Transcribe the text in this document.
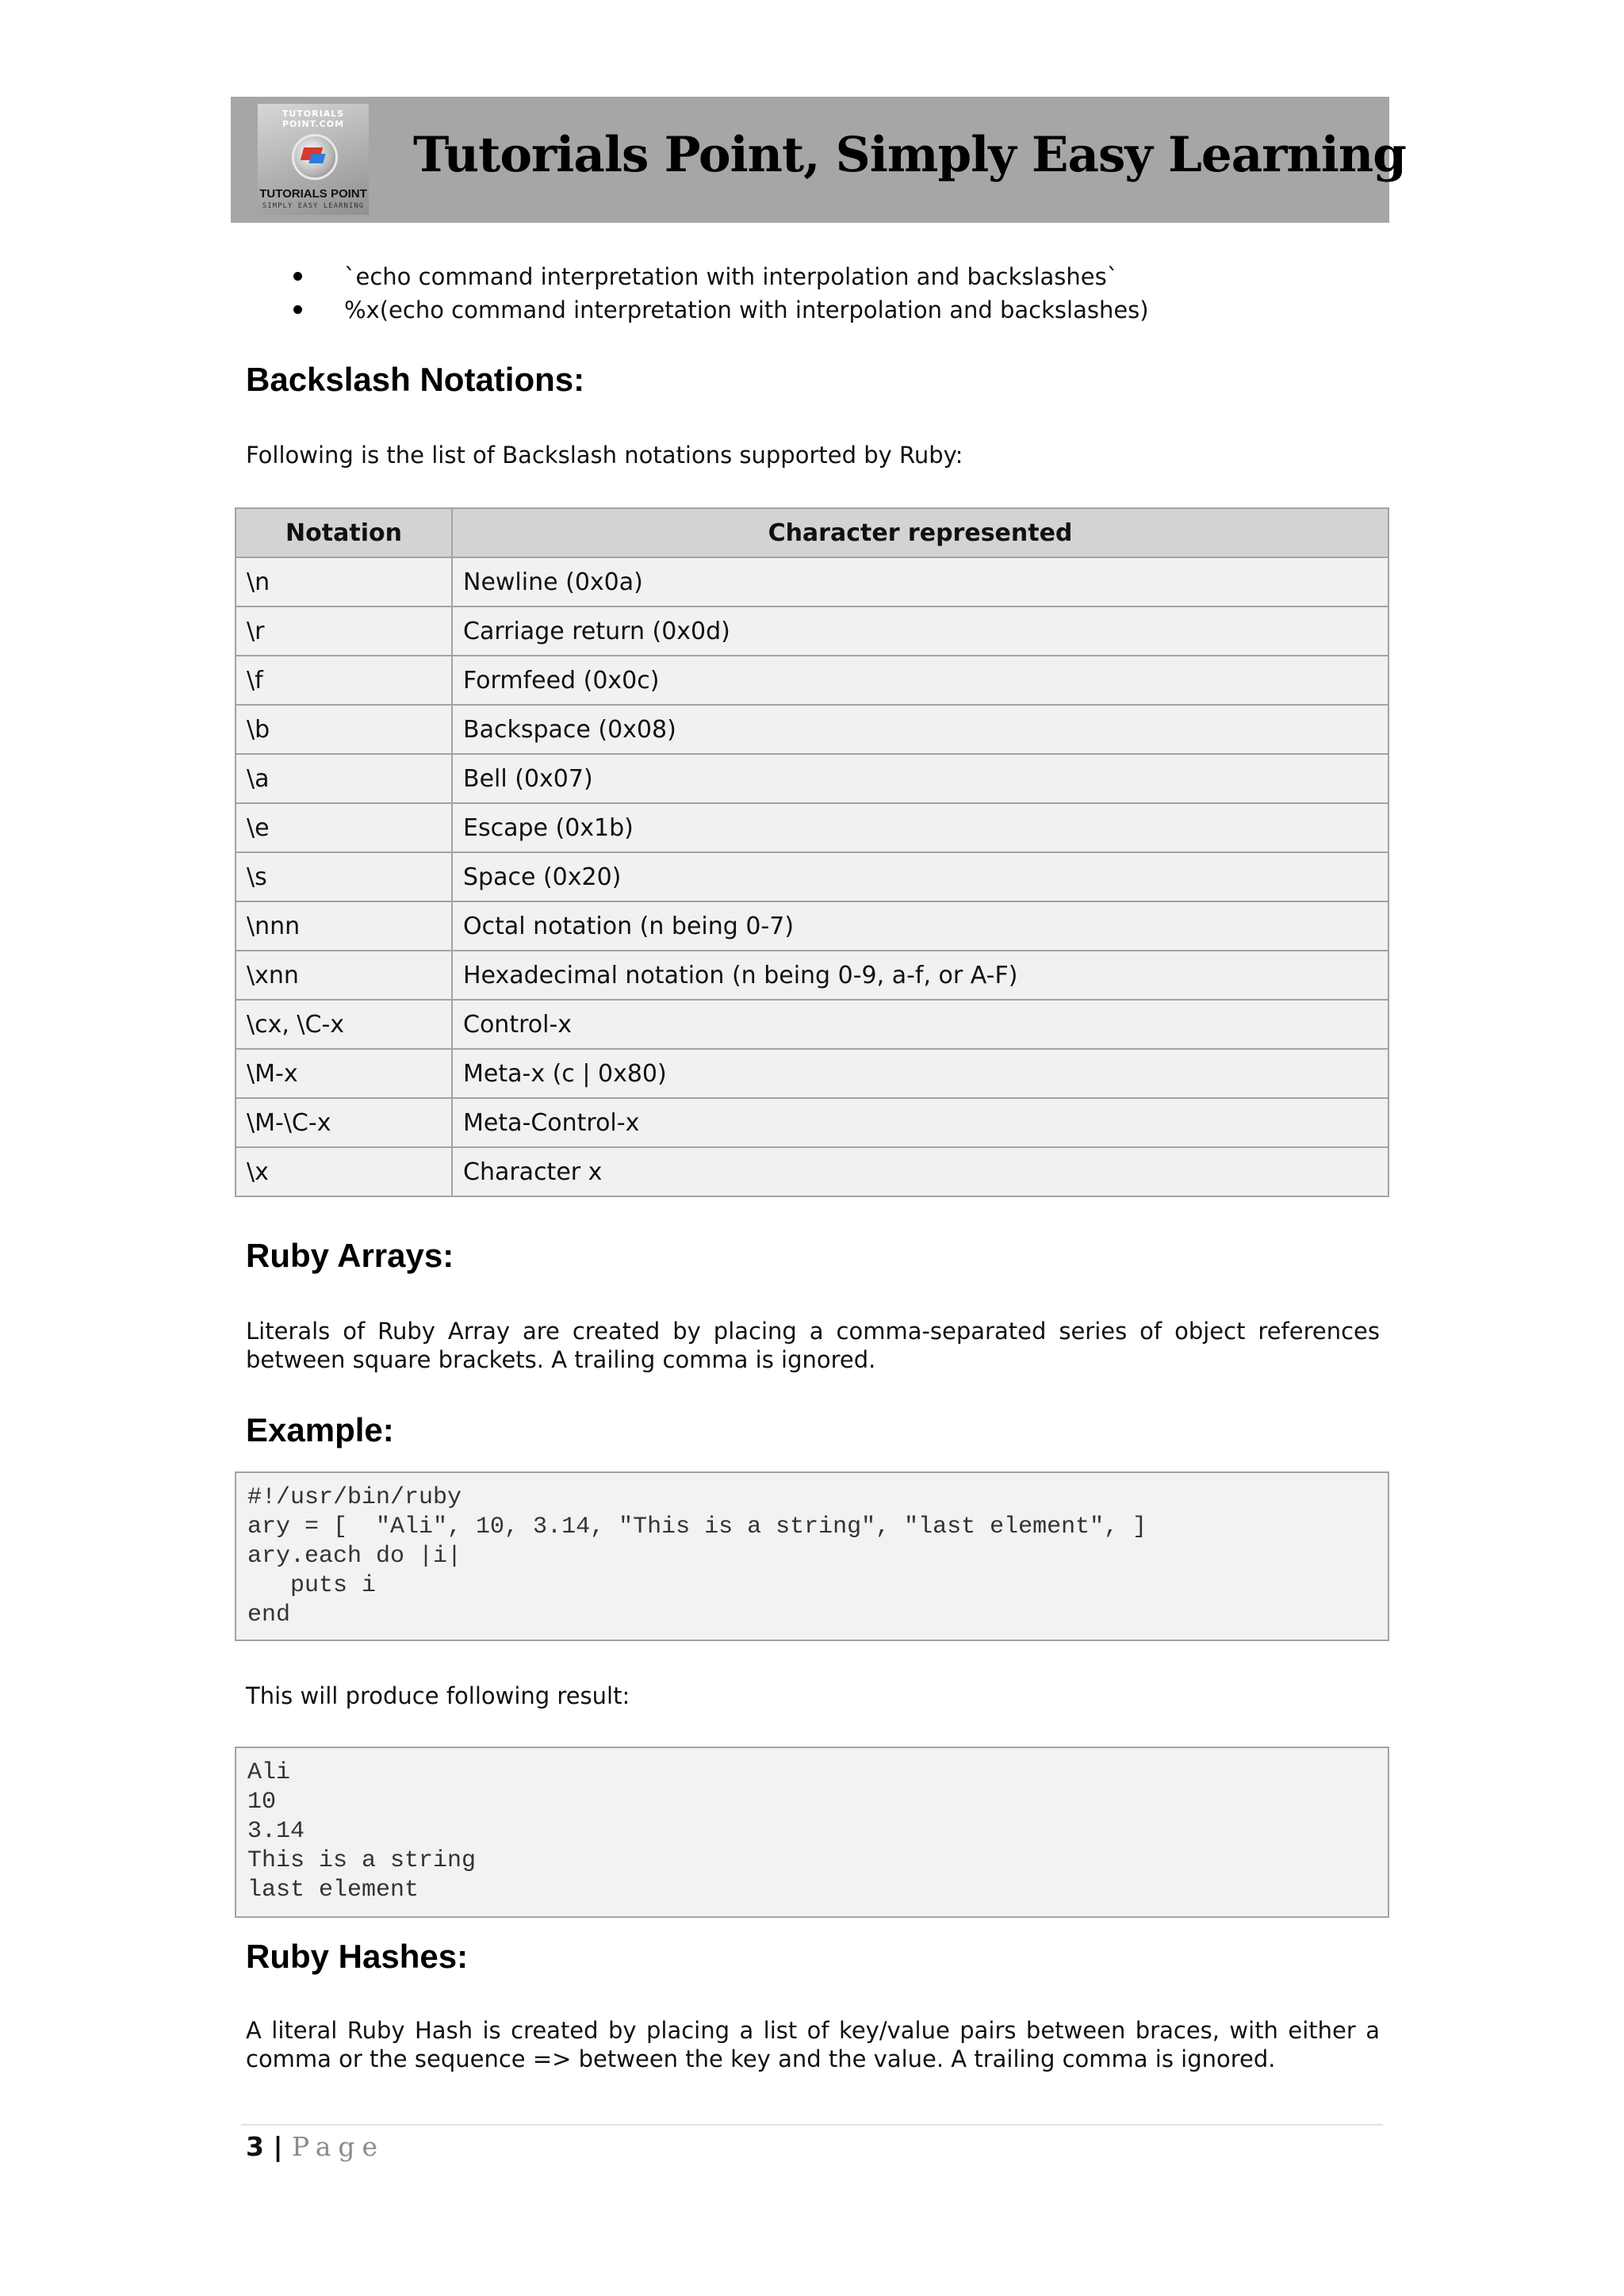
TUTORIALS POINT.COM
TUTORIALS POINT
SIMPLY EASY LEARNING
Tutorials Point, Simply Easy Learning
`echo command interpretation with interpolation and backslashes`
%x(echo command interpretation with interpolation and backslashes)
Backslash Notations:

Following is the list of Backslash notations supported by Ruby:

Notation	Character represented
\n	Newline (0x0a)
\r	Carriage return (0x0d)
\f	Formfeed (0x0c)
\b	Backspace (0x08)
\a	Bell (0x07)
\e	Escape (0x1b)
\s	Space (0x20)
\nnn	Octal notation (n being 0-7)
\xnn	Hexadecimal notation (n being 0-9, a-f, or A-F)
\cx, \C-x	Control-x
\M-x	Meta-x (c | 0x80)
\M-\C-x	Meta-Control-x
\x	Character x
Ruby Arrays:

Literals of Ruby Array are created by placing a comma-separated series of object references between square brackets. A trailing comma is ignored.

Example:
#!/usr/bin/ruby
ary = [  "Ali", 10, 3.14, "This is a string", "last element", ]
ary.each do |i|
puts i
end

This will produce following result:

Ali
10
3.14
This is a string
last element
Ruby Hashes:

A literal Ruby Hash is created by placing a list of key/value pairs between braces, with either a comma or the sequence => between the key and the value. A trailing comma is ignored.

3 | Page
